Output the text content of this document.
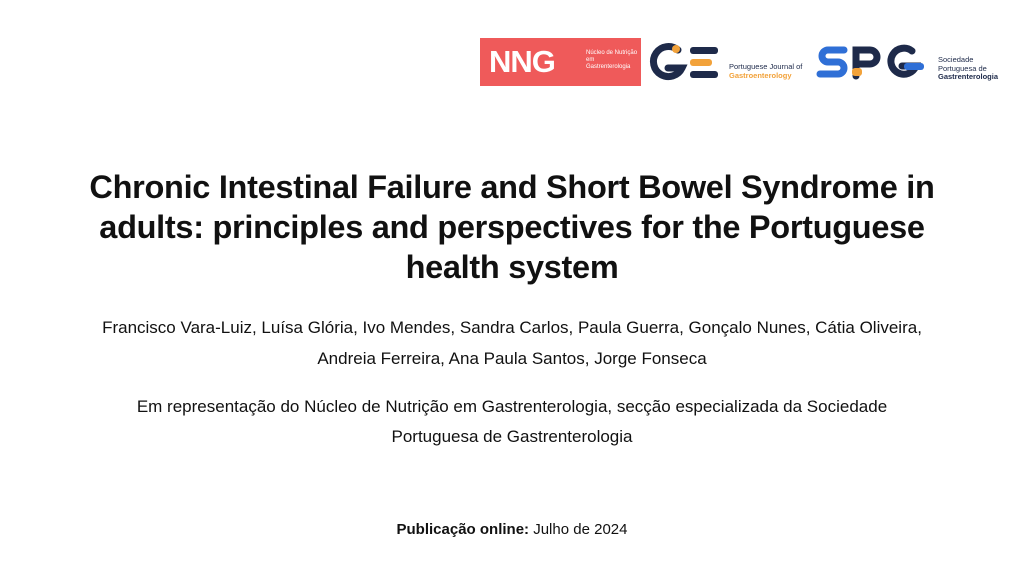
NNG	Núcleo de Nutrição em Gastrenterologia	Portuguese Journal of
Gastroenterology
Sociedade
Portuguesa de
Gastrenterologia
Chronic Intestinal Failure and Short Bowel Syndrome in adults: principles and perspectives for the Portuguese health system
Francisco Vara-Luiz, Luísa Glória, Ivo Mendes, Sandra Carlos, Paula Guerra, Gonçalo Nunes, Cátia Oliveira, Andreia Ferreira, Ana Paula Santos, Jorge Fonseca
Em representação do Núcleo de Nutrição em Gastrenterologia, secção especializada da Sociedade Portuguesa de Gastrenterologia
Publicação online: Julho de 2024
